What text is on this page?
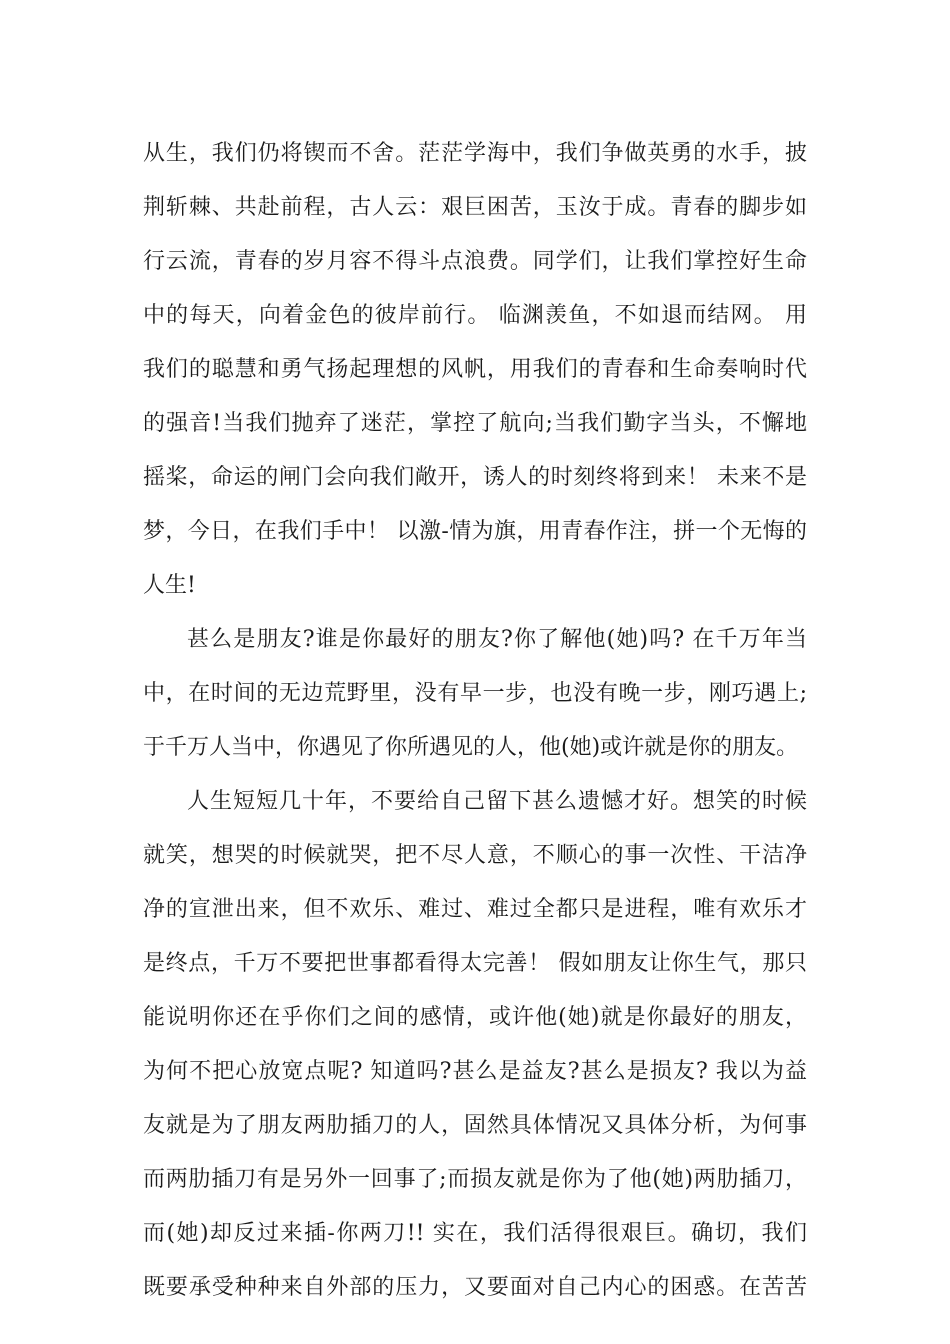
从生，我们仍将锲而不舍。茫茫学海中，我们争做英勇的水手，披
荆斩棘、共赴前程，古人云：艰巨困苦，玉汝于成。青春的脚步如
行云流，青春的岁月容不得斗点浪费。同学们，让我们掌控好生命
中的每天，向着金色的彼岸前行。 临渊羡鱼，不如退而结网。 用
我们的聪慧和勇气扬起理想的风帆，用我们的青春和生命奏响时代
的强音!当我们抛弃了迷茫，掌控了航向;当我们勤字当头，不懈地
摇桨，命运的闸门会向我们敞开，诱人的时刻终将到来！ 未来不是
梦，今日，在我们手中！ 以激-情为旗，用青春作注，拼一个无悔的
人生!
甚么是朋友?谁是你最好的朋友?你了解他(她)吗? 在千万年当
中，在时间的无边荒野里，没有早一步，也没有晚一步，刚巧遇上;
于千万人当中，你遇见了你所遇见的人，他(她)或许就是你的朋友。
人生短短几十年，不要给自己留下甚么遗憾才好。想笑的时候
就笑，想哭的时候就哭，把不尽人意，不顺心的事一次性、干洁净
净的宣泄出来，但不欢乐、难过、难过全都只是进程，唯有欢乐才
是终点，千万不要把世事都看得太完善！ 假如朋友让你生气，那只
能说明你还在乎你们之间的感情，或许他(她)就是你最好的朋友，
为何不把心放宽点呢? 知道吗?甚么是益友?甚么是损友? 我以为益
友就是为了朋友两肋插刀的人，固然具体情况又具体分析，为何事
而两肋插刀有是另外一回事了;而损友就是你为了他(她)两肋插刀，
而(她)却反过来插-你两刀!! 实在，我们活得很艰巨。确切，我们
既要承受种种来自外部的压力，又要面对自己内心的困惑。在苦苦
